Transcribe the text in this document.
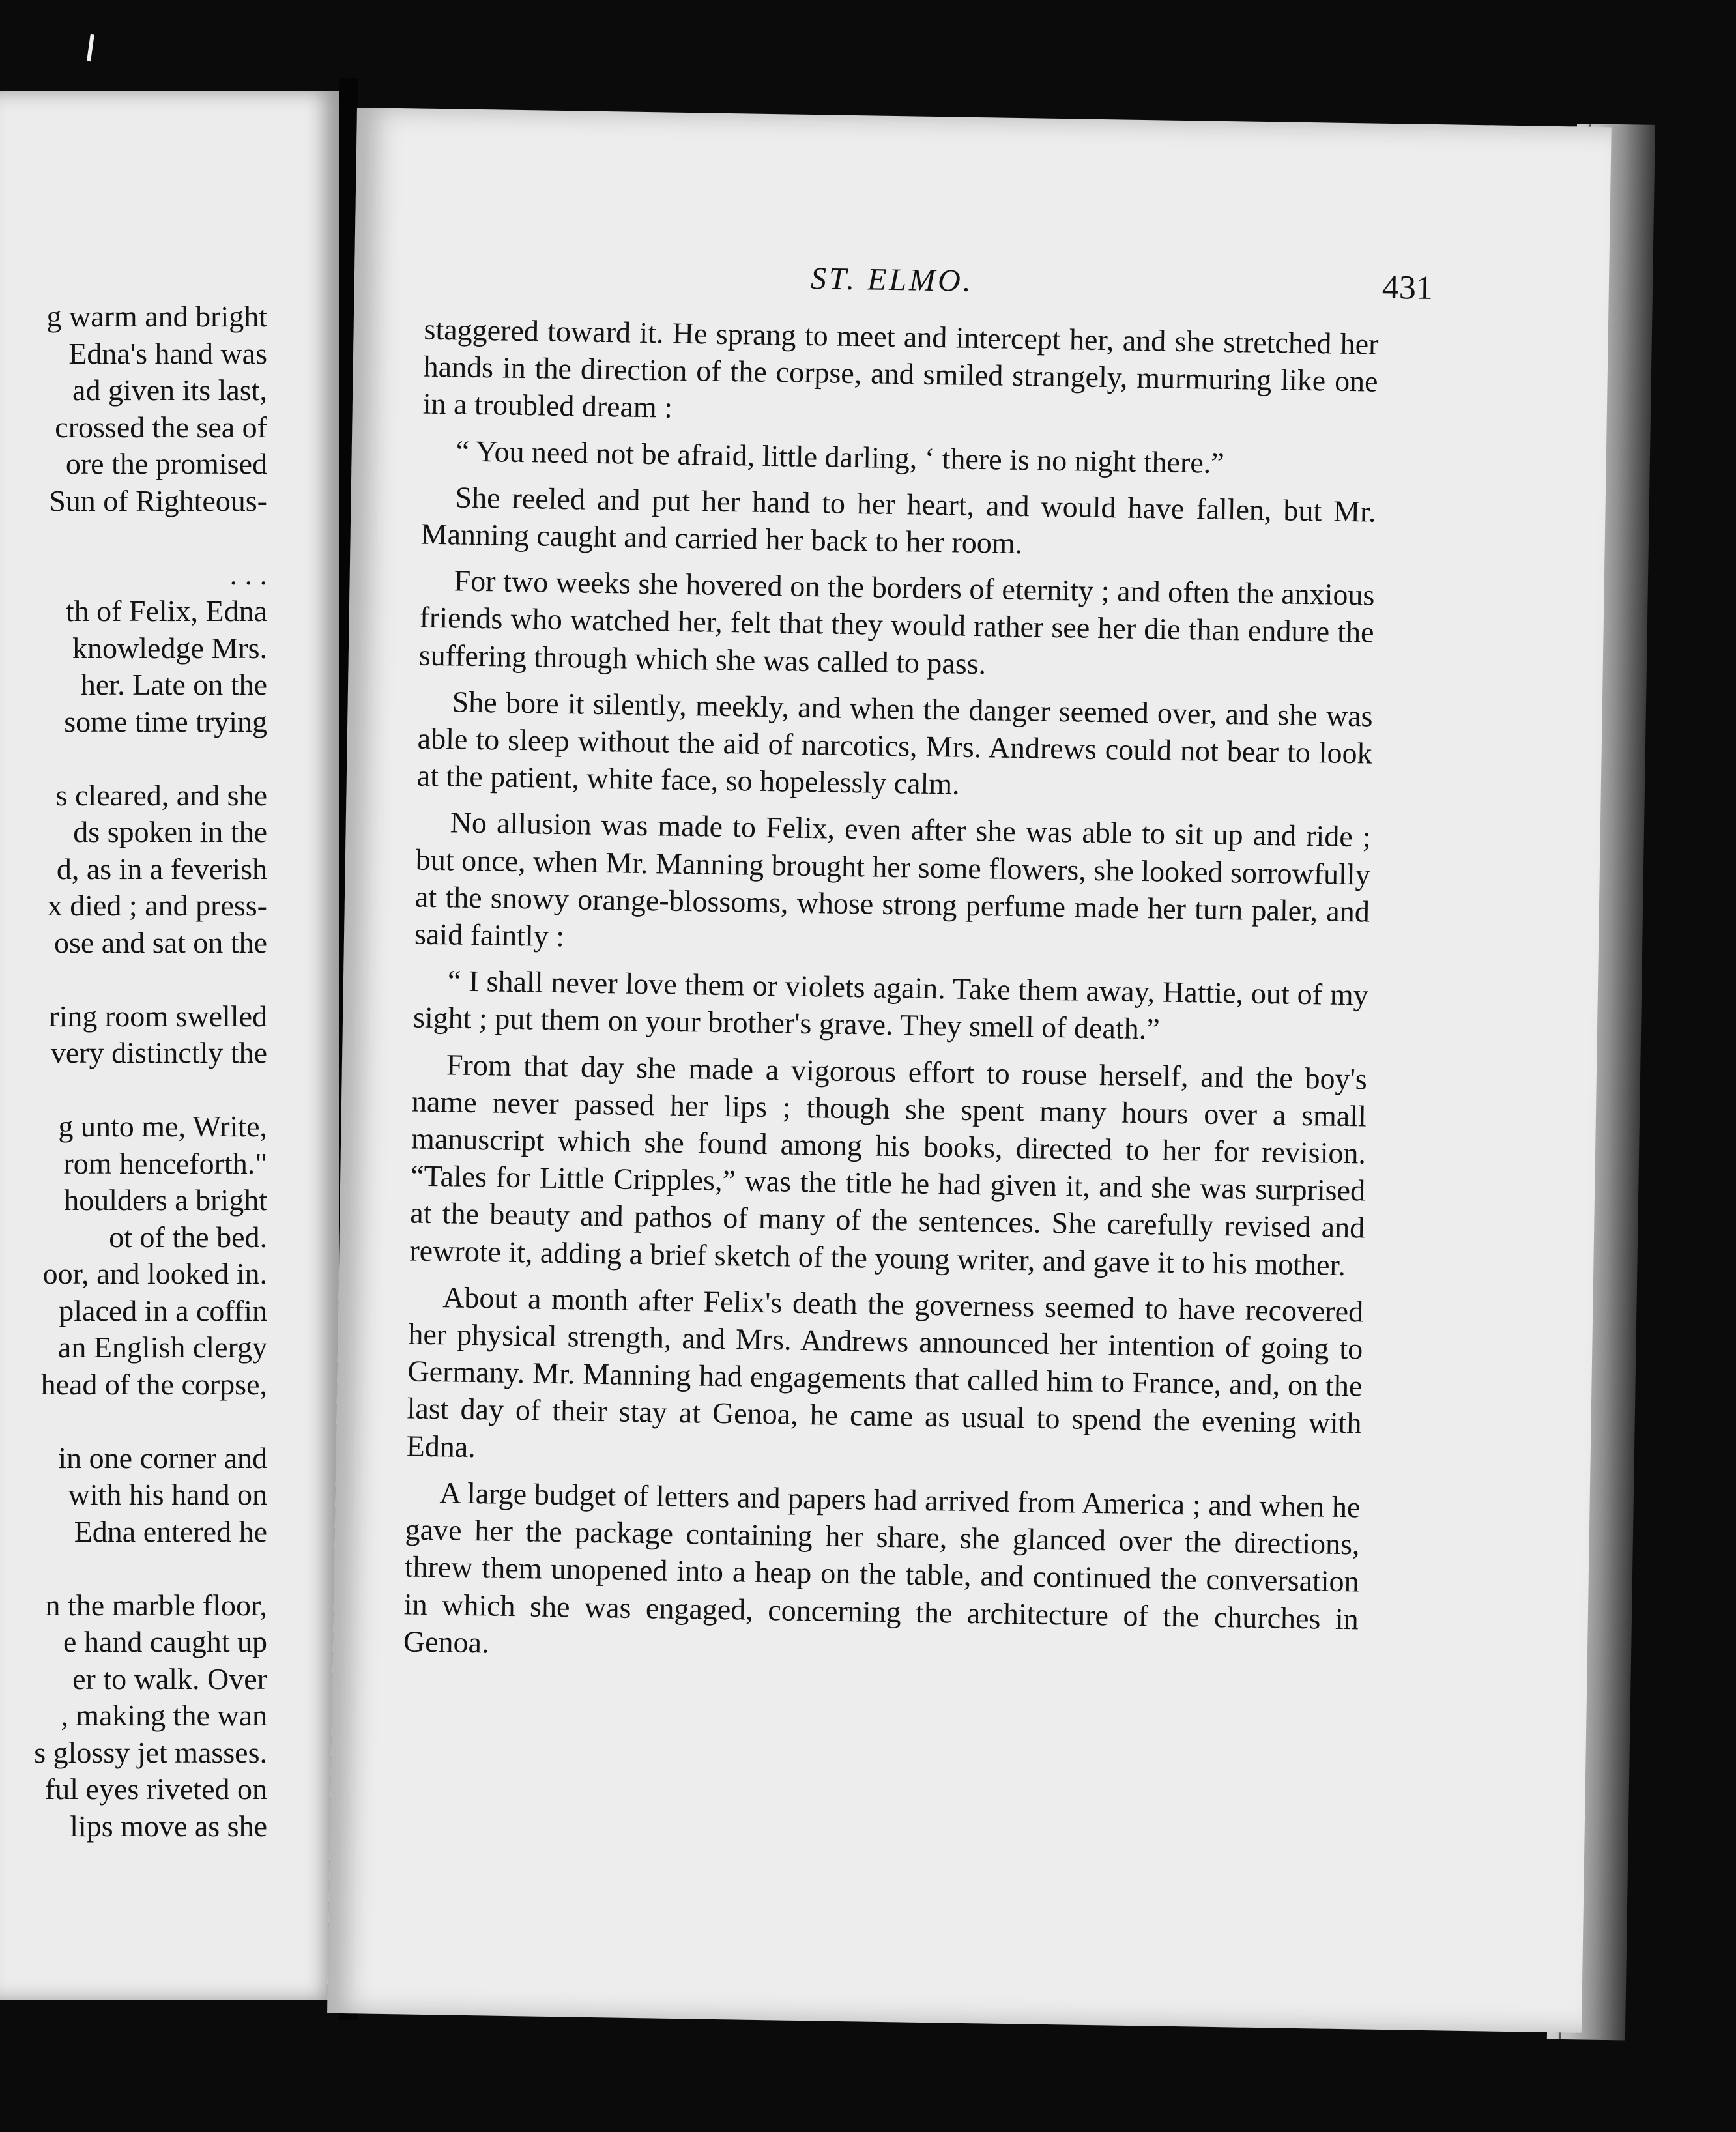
g warm and bright
Edna's hand was
ad given its last,
crossed the sea of
ore the promised
Sun of Righteous-
. . .
th of Felix, Edna
knowledge Mrs.
her. Late on the
some time trying
s cleared, and she
ds spoken in the
d, as in a feverish
x died ; and press-
ose and sat on the
ring room swelled
very distinctly the
g unto me, Write,
rom henceforth."
houlders a bright
ot of the bed.
oor, and looked in.
placed in a coffin
an English clergy
head of the corpse,
in one corner and
with his hand on
Edna entered he
n the marble floor,
e hand caught up
er to walk. Over
, making the wan
s glossy jet masses.
ful eyes riveted on
lips move as she
ST. ELMO.	431

staggered toward it. He sprang to meet and intercept her, and she stretched her hands in the direction of the corpse, and smiled strangely, murmuring like one in a troubled dream :

“ You need not be afraid, little darling, ‘ there is no night there.”

She reeled and put her hand to her heart, and would have fallen, but Mr. Manning caught and carried her back to her room.

For two weeks she hovered on the borders of eternity ; and often the anxious friends who watched her, felt that they would rather see her die than endure the suffering through which she was called to pass.

She bore it silently, meekly, and when the danger seemed over, and she was able to sleep without the aid of narcotics, Mrs. Andrews could not bear to look at the patient, white face, so hopelessly calm.

No allusion was made to Felix, even after she was able to sit up and ride ; but once, when Mr. Manning brought her some flowers, she looked sorrowfully at the snowy orange-blossoms, whose strong perfume made her turn paler, and said faintly :

“ I shall never love them or violets again. Take them away, Hattie, out of my sight ; put them on your brother's grave. They smell of death.”

From that day she made a vigorous effort to rouse herself, and the boy's name never passed her lips ; though she spent many hours over a small manuscript which she found among his books, directed to her for revision. “Tales for Little Cripples,” was the title he had given it, and she was surprised at the beauty and pathos of many of the sentences. She carefully revised and rewrote it, adding a brief sketch of the young writer, and gave it to his mother.

About a month after Felix's death the governess seemed to have recovered her physical strength, and Mrs. Andrews announced her intention of going to Germany. Mr. Manning had engagements that called him to France, and, on the last day of their stay at Genoa, he came as usual to spend the evening with Edna.

A large budget of letters and papers had arrived from America ; and when he gave her the package containing her share, she glanced over the directions, threw them unopened into a heap on the table, and continued the conversation in which she was engaged, concerning the architecture of the churches in Genoa.
